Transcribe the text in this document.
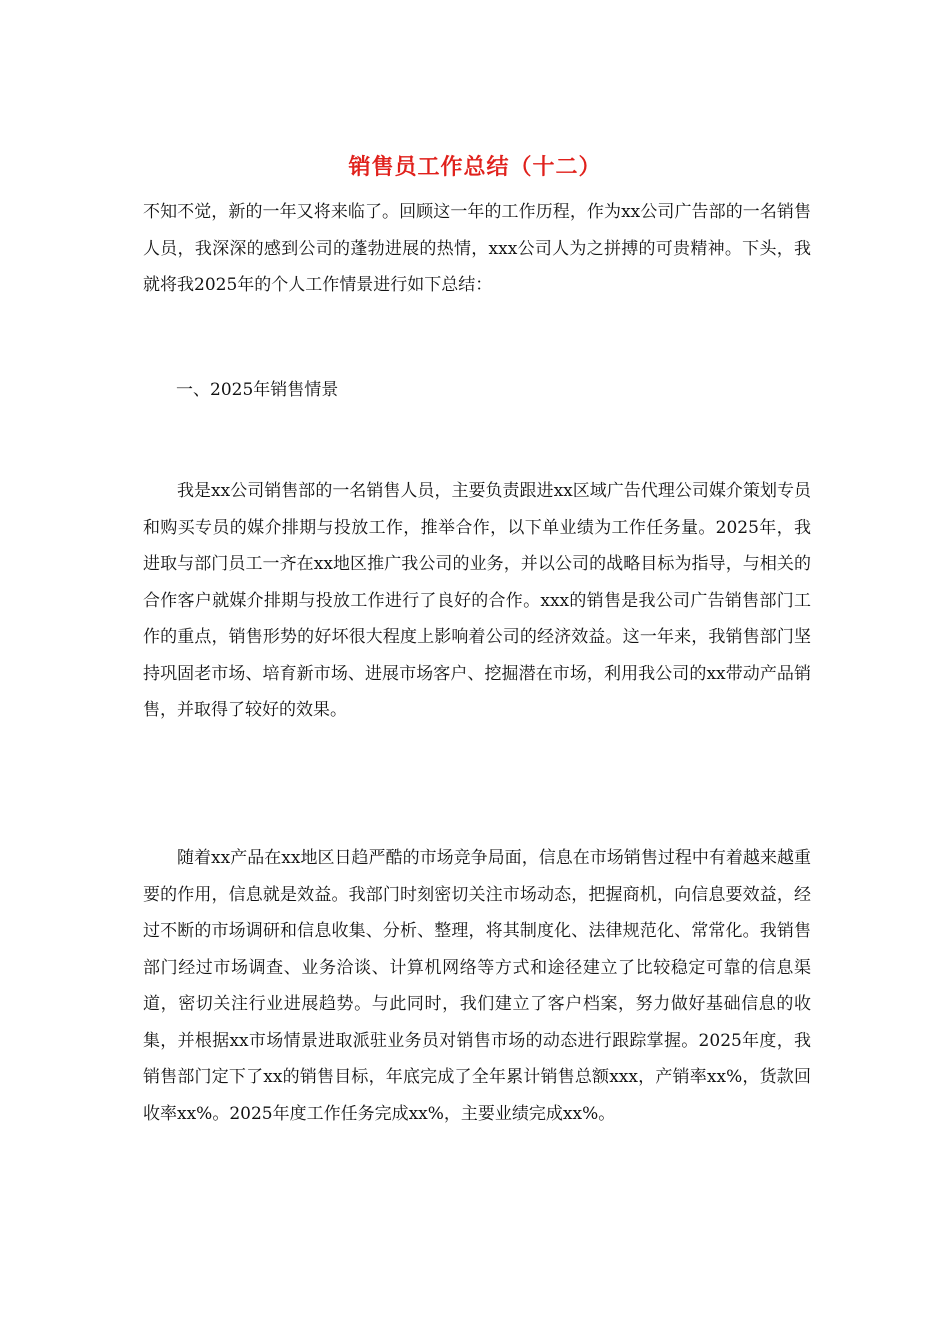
销售员工作总结（十二）

不知不觉，新的一年又将来临了。回顾这一年的工作历程，作为xx公司广告部的一名销售人员，我深深的感到公司的蓬勃进展的热情，xxx公司人为之拼搏的可贵精神。下头，我就将我2025年的个人工作情景进行如下总结：

一、2025年销售情景

我是xx公司销售部的一名销售人员，主要负责跟进xx区域广告代理公司媒介策划专员和购买专员的媒介排期与投放工作，推举合作，以下单业绩为工作任务量。2025年，我进取与部门员工一齐在xx地区推广我公司的业务，并以公司的战略目标为指导，与相关的合作客户就媒介排期与投放工作进行了良好的合作。xxx的销售是我公司广告销售部门工作的重点，销售形势的好坏很大程度上影响着公司的经济效益。这一年来，我销售部门坚持巩固老市场、培育新市场、进展市场客户、挖掘潜在市场，利用我公司的xx带动产品销售，并取得了较好的效果。

随着xx产品在xx地区日趋严酷的市场竞争局面，信息在市场销售过程中有着越来越重要的作用，信息就是效益。我部门时刻密切关注市场动态，把握商机，向信息要效益，经过不断的市场调研和信息收集、分析、整理，将其制度化、法律规范化、常常化。我销售部门经过市场调查、业务洽谈、计算机网络等方式和途径建立了比较稳定可靠的信息渠道，密切关注行业进展趋势。与此同时，我们建立了客户档案，努力做好基础信息的收集，并根据xx市场情景进取派驻业务员对销售市场的动态进行跟踪掌握。2025年度，我销售部门定下了xx的销售目标，年底完成了全年累计销售总额xxx，产销率xx%，货款回收率xx%。2025年度工作任务完成xx%，主要业绩完成xx%。
